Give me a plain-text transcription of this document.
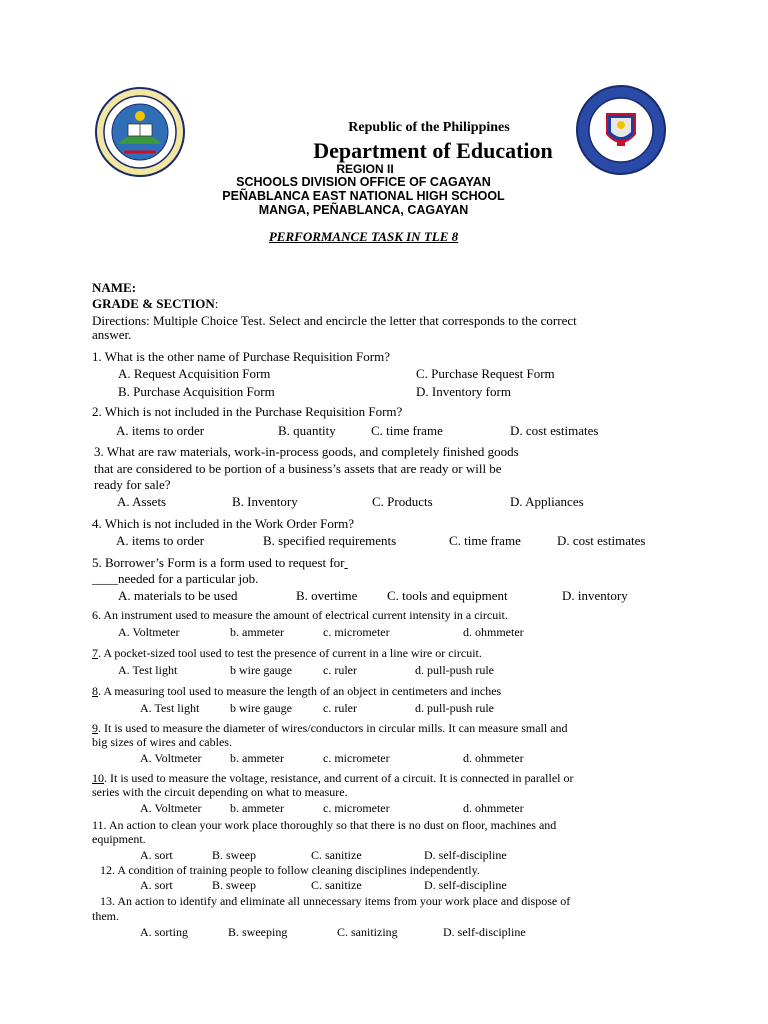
Republic of the Philippines
Department of Education
REGION II
SCHOOLS DIVISION OFFICE OF CAGAYAN
PEÑABLANCA EAST NATIONAL HIGH SCHOOL
MANGA, PEÑABLANCA, CAGAYAN
PERFORMANCE TASK IN TLE 8
NAME:
GRADE & SECTION:
Directions: Multiple Choice Test. Select and encircle the letter that corresponds to the correct
answer.
1. What is the other name of Purchase Requisition Form?
A. Request Acquisition Form	C. Purchase Request Form
B. Purchase Acquisition Form	D. Inventory form
2. Which is not included in the Purchase Requisition Form?
A. items to order	B. quantity	C. time frame	D. cost estimates
3. What are raw materials, work-in-process goods, and completely finished goods
that are considered to be portion of a business’s assets that are ready or will be
ready for sale?
A. Assets	B. Inventory	C. Products	D. Appliances
4. Which is not included in the Work Order Form?
A. items to order	B. specified requirements	C. time frame	D. cost estimates
5. Borrower’s Form is a form used to request for
____needed for a particular job.
A. materials to be used	B. overtime C. tools and equipment	D. inventory
6. An instrument used to measure the amount of electrical current intensity in a circuit.
A. Voltmeter	b. ammeter	c. micrometer	d. ohmmeter
7. A pocket-sized tool used to test the presence of current in a line wire or circuit.
A. Test light	b wire gauge	c. ruler	d. pull-push rule
8. A measuring tool used to measure the length of an object in centimeters and inches
A. Test light	b wire gauge	c. ruler	d. pull-push rule
9. It is used to measure the diameter of wires/conductors in circular mills. It can measure small and
big sizes of wires and cables.
A. Voltmeter b. ammeter	c. micrometer	d. ohmmeter
10. It is used to measure the voltage, resistance, and current of a circuit. It is connected in parallel or
series with the circuit depending on what to measure.
A. Voltmeter b. ammeter	c. micrometer	d. ohmmeter
11. An action to clean your work place thoroughly so that there is no dust on floor, machines and
equipment.
A. sort	B. sweep	C. sanitize	D. self-discipline
12. A condition of training people to follow cleaning disciplines independently.
A. sort	B. sweep	C. sanitize	D. self-discipline
13. An action to identify and eliminate all unnecessary items from your work place and dispose of
them.
A. sorting	B. sweeping	C. sanitizing	D. self-discipline
